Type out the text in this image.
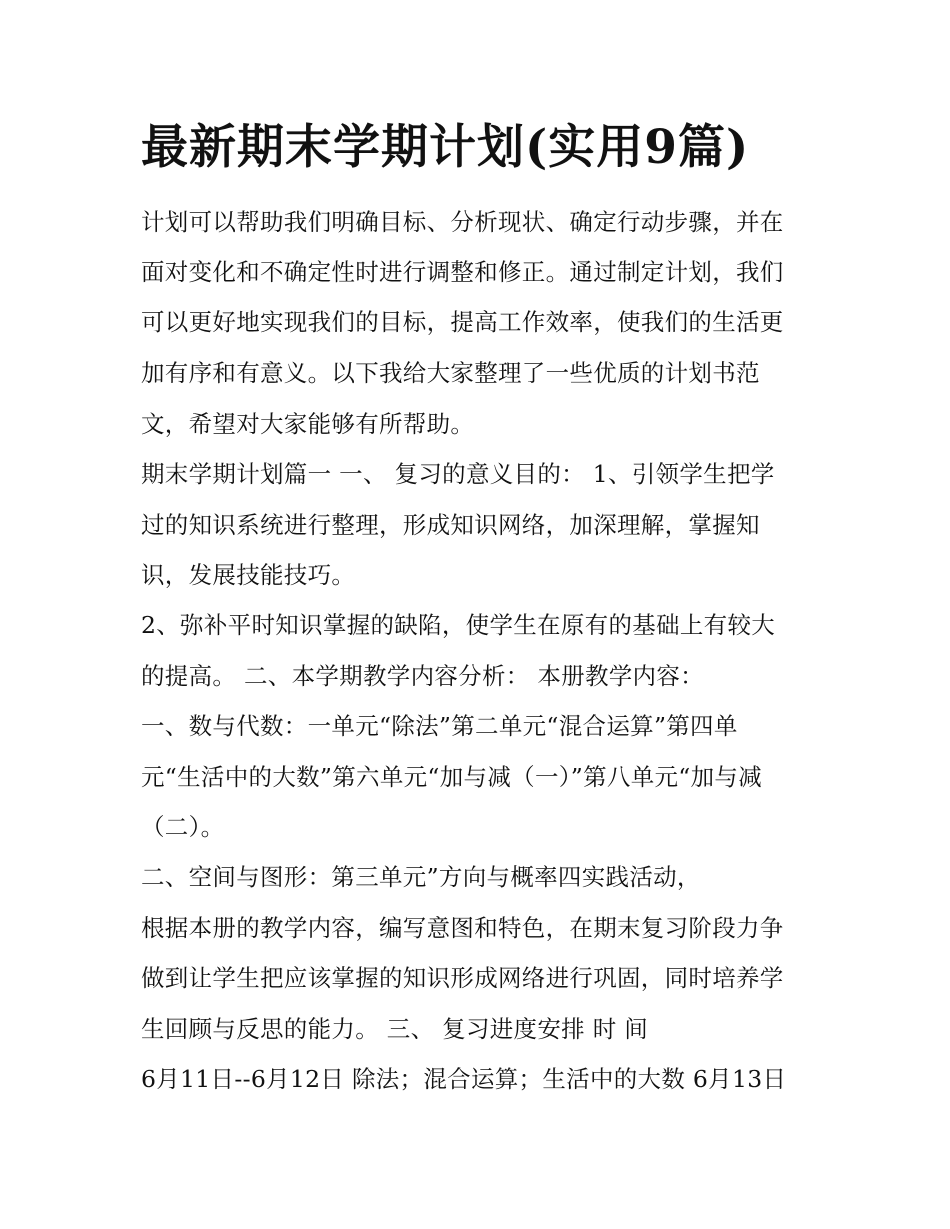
最新期末学期计划(实用9篇)
计划可以帮助我们明确目标、分析现状、确定行动步骤，并在
面对变化和不确定性时进行调整和修正。通过制定计划，我们
可以更好地实现我们的目标，提高工作效率，使我们的生活更
加有序和有意义。以下我给大家整理了一些优质的计划书范
文，希望对大家能够有所帮助。
期末学期计划篇一 一、 复习的意义目的： 1、引领学生把学
过的知识系统进行整理，形成知识网络，加深理解，掌握知
识，发展技能技巧。
2、弥补平时知识掌握的缺陷，使学生在原有的基础上有较大
的提高。 二、本学期教学内容分析： 本册教学内容：
一、数与代数：一单元“除法”第二单元“混合运算”第四单
元“生活中的大数”第六单元“加与减（一）”第八单元“加与减
（二）。
二、空间与图形：第三单元”方向与概率四实践活动，
根据本册的教学内容，编写意图和特色，在期末复习阶段力争
做到让学生把应该掌握的知识形成网络进行巩固，同时培养学
生回顾与反思的能力。 三、 复习进度安排 时 间
6月11日--6月12日 除法；混合运算；生活中的大数 6月13日
